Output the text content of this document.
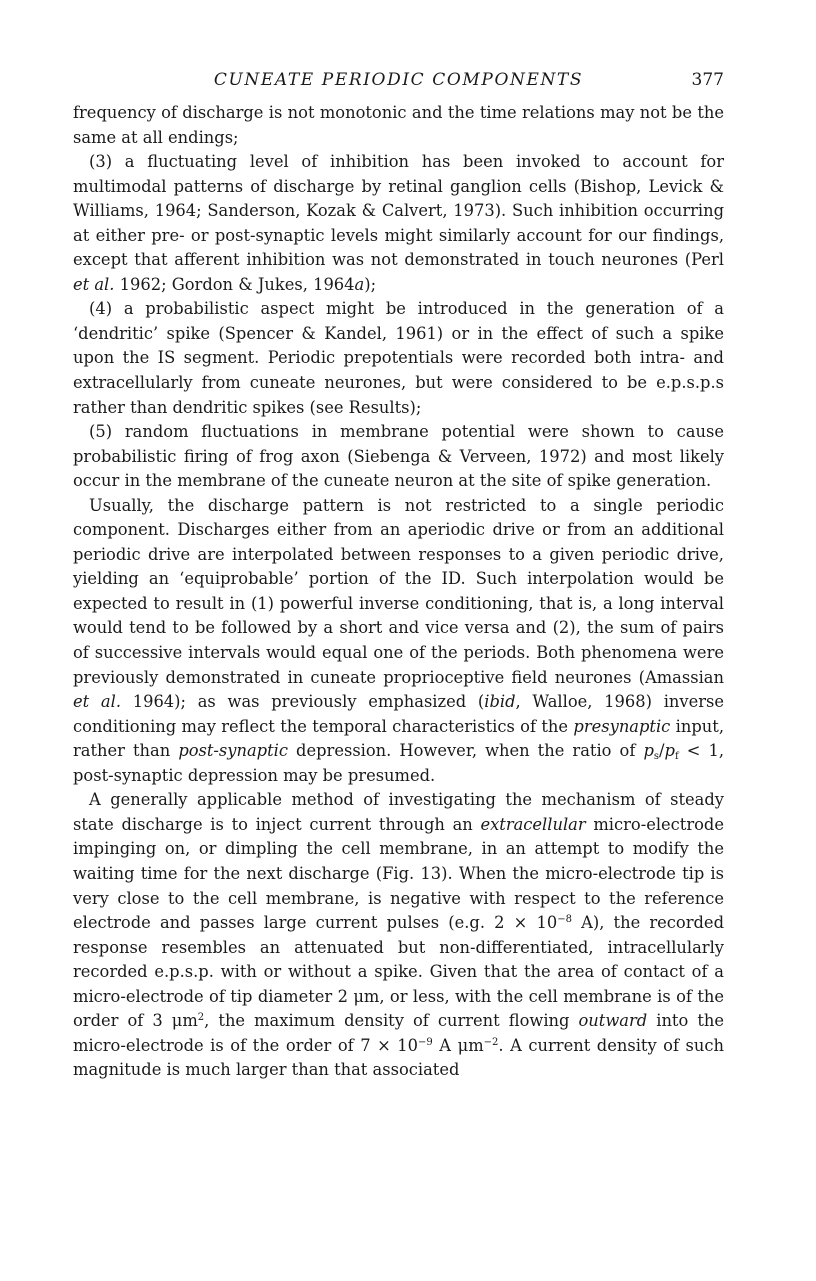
CUNEATE PERIODIC COMPONENTS	377

frequency of discharge is not monotonic and the time relations may not be the same at all endings;

(3) a fluctuating level of inhibition has been invoked to account for multimodal patterns of discharge by retinal ganglion cells (Bishop, Levick & Williams, 1964; Sanderson, Kozak & Calvert, 1973). Such inhibition occurring at either pre- or post-synaptic levels might similarly account for our findings, except that afferent inhibition was not demonstrated in touch neurones (Perl et al. 1962; Gordon & Jukes, 1964a);

(4) a probabilistic aspect might be introduced in the generation of a ‘dendritic’ spike (Spencer & Kandel, 1961) or in the effect of such a spike upon the IS segment. Periodic prepotentials were recorded both intra- and extracellularly from cuneate neurones, but were considered to be e.p.s.p.s rather than dendritic spikes (see Results);

(5) random fluctuations in membrane potential were shown to cause probabilistic firing of frog axon (Siebenga & Verveen, 1972) and most likely occur in the membrane of the cuneate neuron at the site of spike generation.

Usually, the discharge pattern is not restricted to a single periodic component. Discharges either from an aperiodic drive or from an additional periodic drive are interpolated between responses to a given periodic drive, yielding an ‘equiprobable’ portion of the ID. Such interpolation would be expected to result in (1) powerful inverse conditioning, that is, a long interval would tend to be followed by a short and vice versa and (2), the sum of pairs of successive intervals would equal one of the periods. Both phenomena were previously demonstrated in cuneate proprioceptive field neurones (Amassian et al. 1964); as was previously emphasized (ibid, Walloe, 1968) inverse conditioning may reflect the temporal characteristics of the presynaptic input, rather than post-synaptic depression. However, when the ratio of $p_s/p_f < 1$, post-synaptic depression may be presumed.

A generally applicable method of investigating the mechanism of steady state discharge is to inject current through an extracellular micro-electrode impinging on, or dimpling the cell membrane, in an attempt to modify the waiting time for the next discharge (Fig. 13). When the micro-electrode tip is very close to the cell membrane, is negative with respect to the reference electrode and passes large current pulses (e.g. $2 \times 10^{-8}$ A), the recorded response resembles an attenuated but non-differentiated, intracellularly recorded e.p.s.p. with or without a spike. Given that the area of contact of a micro-electrode of tip diameter 2 μm, or less, with the cell membrane is of the order of 3 $\mu m^2$, the maximum density of current flowing outward into the micro-electrode is of the order of $7 \times 10^{-9}$ A $\mu m^{-2}$. A current density of such magnitude is much larger than that associated
